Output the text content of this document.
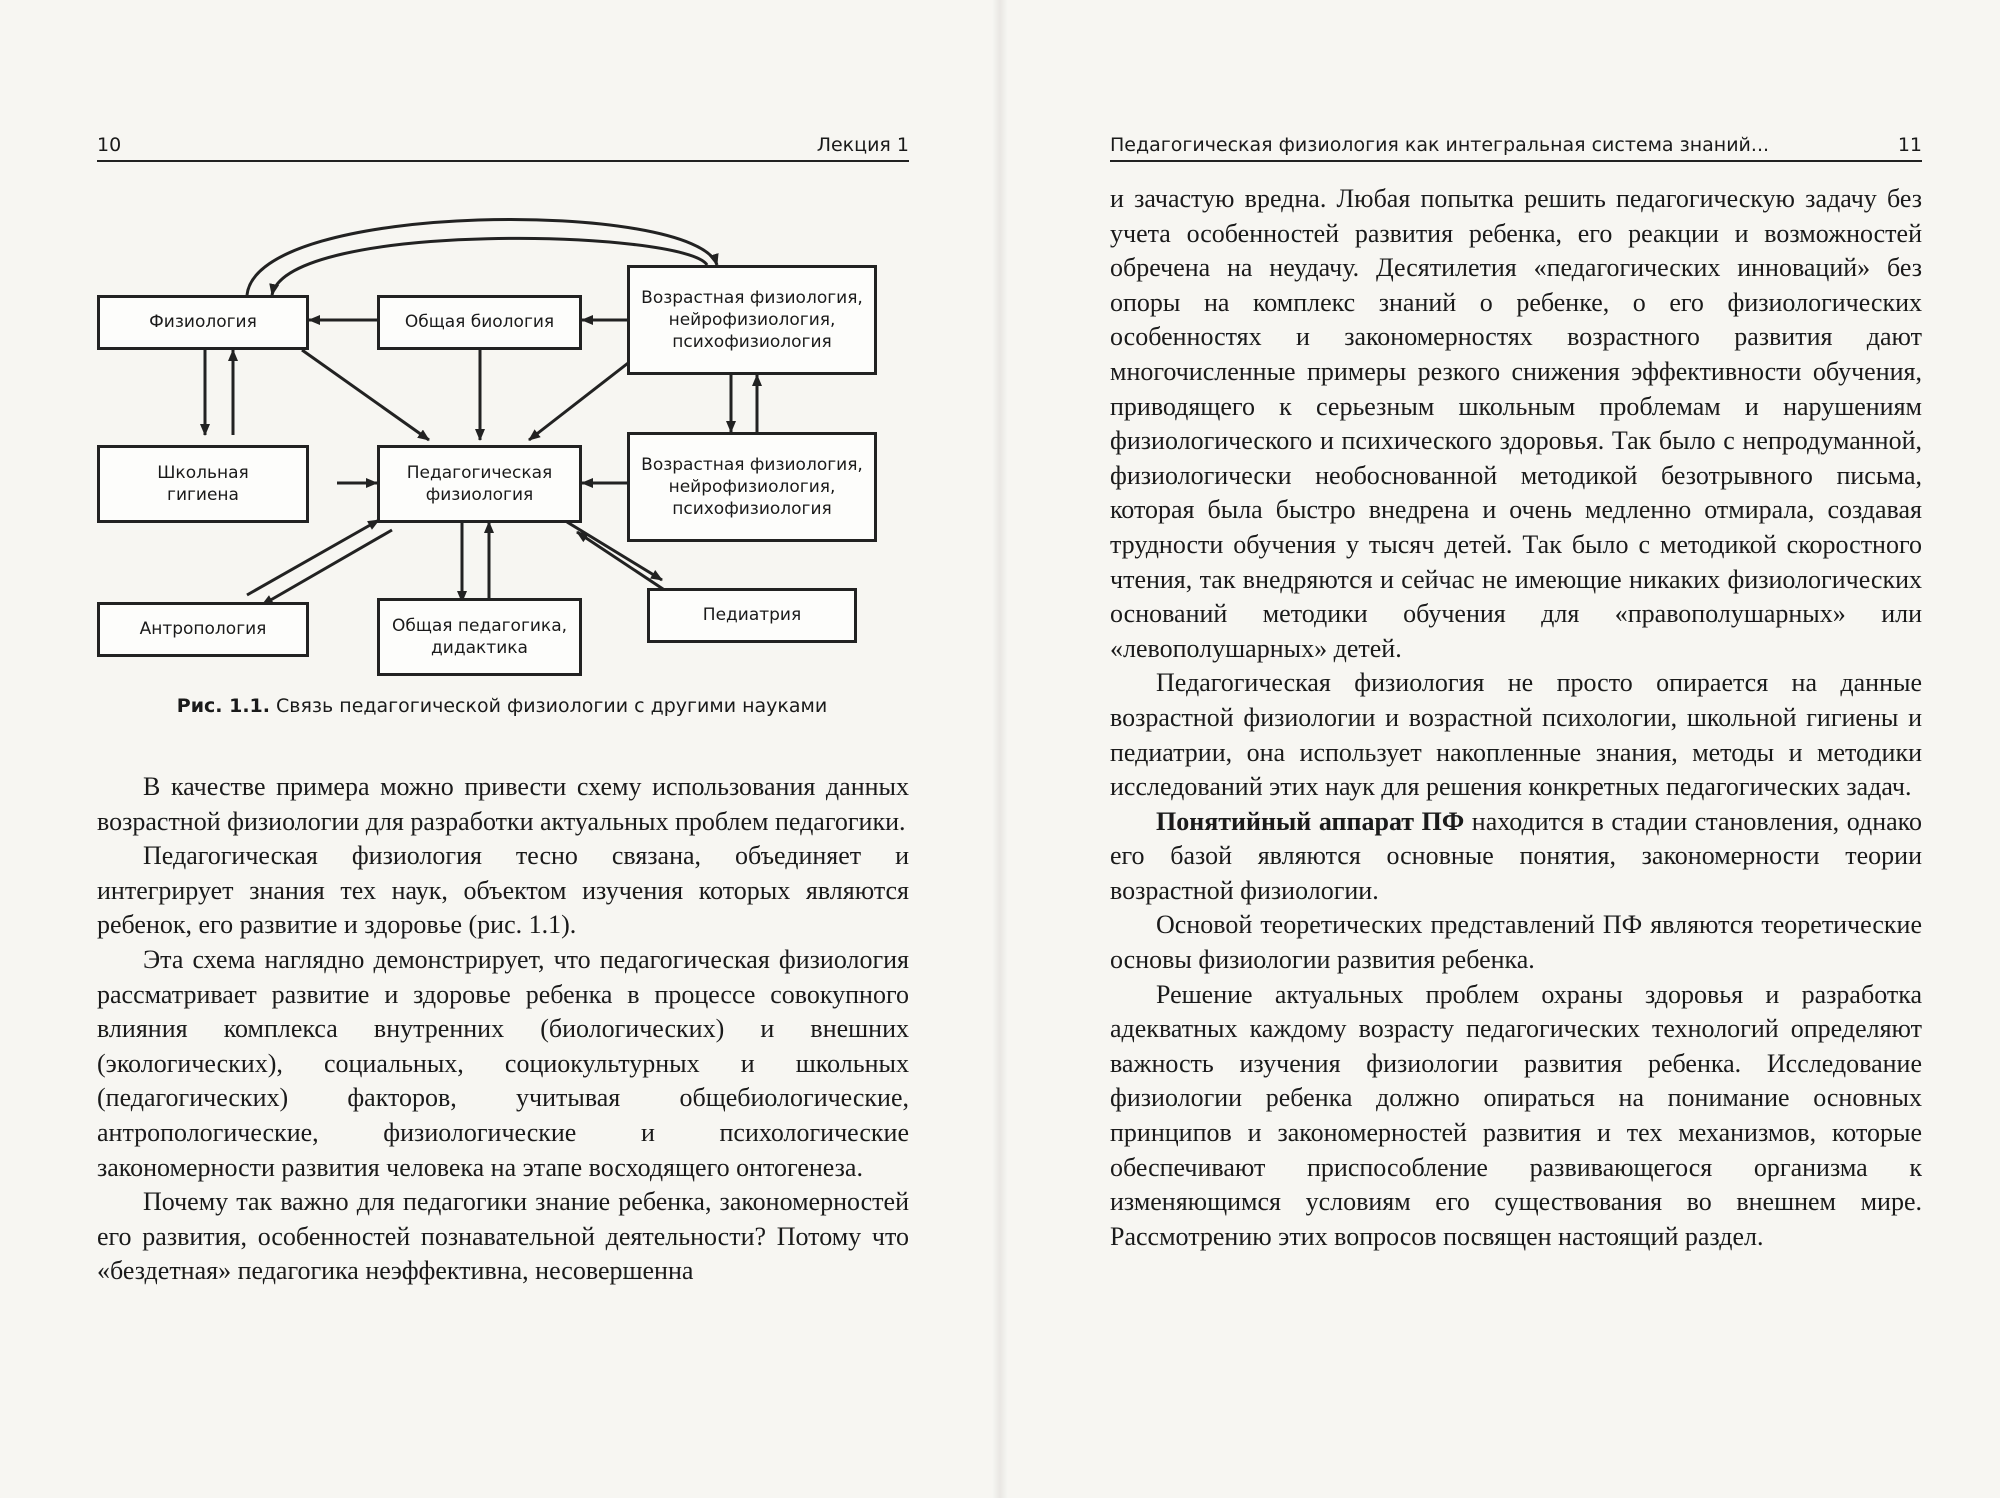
10	Лекция 1
Физиология	Общая биология
Возрастная физиология,
нейрофизиология,
психофизиология
Школьная
гигиена
Педагогическая
физиология
Возрастная физиология,
нейрофизиология,
психофизиология
Антропология	Общая педагогика,
дидактика
Педиатрия
Рис. 1.1. Связь педагогической физиологии с другими науками

В качестве примера можно привести схему использования данных возрастной физиологии для разработки актуальных проблем педагогики.

Педагогическая физиология тесно связана, объединяет и интегрирует знания тех наук, объектом изучения которых являются ребенок, его развитие и здоровье (рис. 1.1).

Эта схема наглядно демонстрирует, что педагогическая физиология рассматривает развитие и здоровье ребенка в процессе совокупного влияния комплекса внутренних (биологических) и внешних (экологических), социальных, социокультурных и школьных (педагогических) факторов, учитывая общебиологические, антропологические, физиологические и психологические закономерности развития человека на этапе восходящего онтогенеза.

Почему так важно для педагогики знание ребенка, закономерностей его развития, особенностей познавательной деятельности? Потому что «бездетная» педагогика неэффективна, несовершенна

Педагогическая физиология как интегральная система знаний...	11

и зачастую вредна. Любая попытка решить педагогическую задачу без учета особенностей развития ребенка, его реакции и возможностей обречена на неудачу. Десятилетия «педагогических инноваций» без опоры на комплекс знаний о ребенке, о его физиологических особенностях и закономерностях возрастного развития дают многочисленные примеры резкого снижения эффективности обучения, приводящего к серьезным школьным проблемам и нарушениям физиологического и психического здоровья. Так было с непродуманной, физиологически необоснованной методикой безотрывного письма, которая была быстро внедрена и очень медленно отмирала, создавая трудности обучения у тысяч детей. Так было с методикой скоростного чтения, так внедряются и сейчас не имеющие никаких физиологических оснований методики обучения для «правополушарных» или «левополушарных» детей.

Педагогическая физиология не просто опирается на данные возрастной физиологии и возрастной психологии, школьной гигиены и педиатрии, она использует накопленные знания, методы и методики исследований этих наук для решения конкретных педагогических задач.

Понятийный аппарат ПФ находится в стадии становления, однако его базой являются основные понятия, закономерности теории возрастной физиологии.

Основой теоретических представлений ПФ являются теоретические основы физиологии развития ребенка.

Решение актуальных проблем охраны здоровья и разработка адекватных каждому возрасту педагогических технологий определяют важность изучения физиологии развития ребенка. Исследование физиологии ребенка должно опираться на понимание основных принципов и закономерностей развития и тех механизмов, которые обеспечивают приспособление развивающегося организма к изменяющимся условиям его существования во внешнем мире. Рассмотрению этих вопросов посвящен настоящий раздел.
